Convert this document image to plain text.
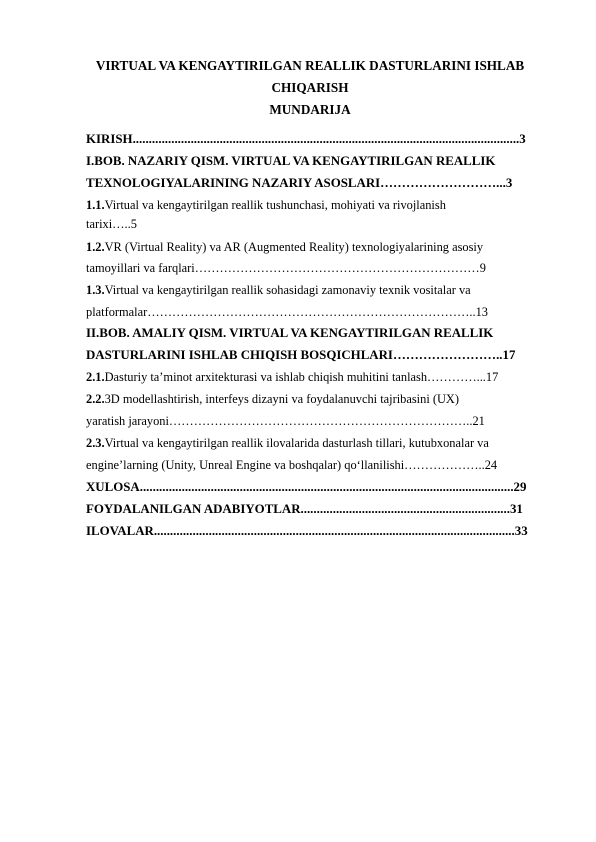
VIRTUAL VA KENGAYTIRILGAN REALLIK DASTURLARINI ISHLAB
CHIQARISH
MUNDARIJA
KIRISH........................................................................................................................3
I.BOB. NAZARIY QISM. VIRTUAL VA KENGAYTIRILGAN REALLIK
TEXNOLOGIYALARINING NAZARIY ASOSLARI………………………...3
1.1.Virtual va kengaytirilgan reallik tushunchasi, mohiyati va rivojlanish
tarixi…..5
1.2.VR (Virtual Reality) va AR (Augmented Reality) texnologiyalarining asosiy
tamoyillari va farqlari……………………………………………………………9
1.3.Virtual va kengaytirilgan reallik sohasidagi zamonaviy texnik vositalar va
platformalar……………………………………………………………………..13
II.BOB. AMALIY QISM. VIRTUAL VA KENGAYTIRILGAN REALLIK
DASTURLARINI ISHLAB CHIQISH BOSQICHLARI……………………..17
2.1.Dasturiy ta’minot arxitekturasi va ishlab chiqish muhitini tanlash…………...17
2.2.3D modellashtirish, interfeys dizayni va foydalanuvchi tajribasini (UX)
yaratish jarayoni………………………………………………………………..21
2.3.Virtual va kengaytirilgan reallik ilovalarida dasturlash tillari, kutubxonalar va
engine’larning (Unity, Unreal Engine va boshqalar) qo‘llanilishi………………..24
XULOSA....................................................................................................................29
FOYDALANILGAN ADABIYOTLAR.................................................................31
ILOVALAR................................................................................................................33
